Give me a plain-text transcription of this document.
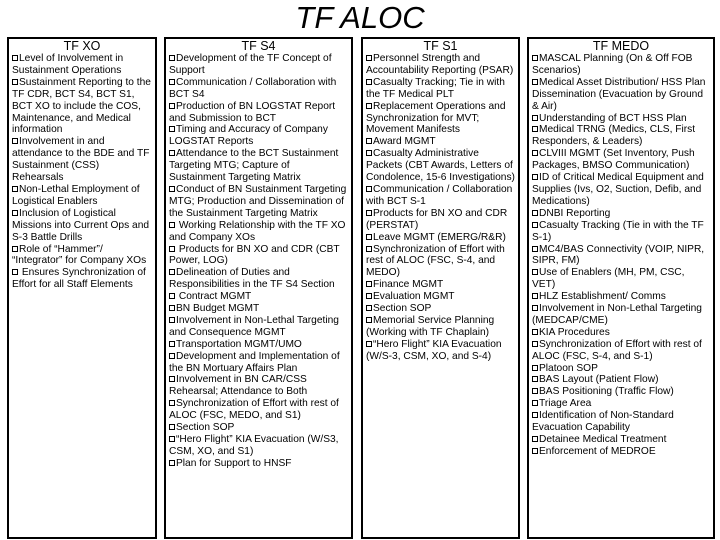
TF ALOC
TF XO
Level of Involvement in Sustainment Operations
Sustainment Reporting to the TF CDR, BCT S4, BCT S1, BCT XO to include the COS, Maintenance, and Medical information
Involvement in and attendance to the BDE and TF Sustainment (CSS) Rehearsals
Non-Lethal Employment of Logistical Enablers
Inclusion of Logistical Missions into Current Ops and S-3 Battle Drills
Role of “Hammer”/ “Integrator” for Company XOs
Ensures Synchronization of Effort for all Staff Elements
TF S4
Development of the TF Concept of Support
Communication / Collaboration with BCT S4
Production of BN LOGSTAT Report and Submission to BCT
Timing and Accuracy of Company LOGSTAT Reports
Attendance to the BCT Sustainment Targeting MTG; Capture of Sustainment Targeting Matrix
Conduct of BN Sustainment Targeting MTG; Production and Dissemination of the Sustainment Targeting Matrix
Working Relationship with the TF XO and Company XOs
Products for BN XO and CDR (CBT Power, LOG)
Delineation of Duties and Responsibilities in the TF S4 Section
Contract MGMT
BN Budget MGMT
Involvement in Non-Lethal Targeting and Consequence MGMT
Transportation MGMT/UMO
Development and Implementation of the BN Mortuary Affairs Plan
Involvement in BN CAR/CSS Rehearsal; Attendance to Both
Synchronization of Effort with rest of ALOC (FSC, MEDO, and S1)
Section SOP
“Hero Flight” KIA Evacuation (W/S3, CSM, XO, and S1)
Plan for Support to HNSF
TF S1
Personnel Strength and Accountability Reporting (PSAR)
Casualty Tracking; Tie in with the TF Medical PLT
Replacement Operations and Synchronization for MVT; Movement Manifests
Award MGMT
Casualty Administrative Packets (CBT Awards, Letters of Condolence, 15-6 Investigations)
Communication / Collaboration with BCT S-1
Products for BN XO and CDR (PERSTAT)
Leave MGMT (EMERG/R&R)
Synchronization of Effort with rest of ALOC (FSC, S-4, and MEDO)
Finance MGMT
Evaluation MGMT
Section SOP
Memorial Service Planning (Working with TF Chaplain)
“Hero Flight” KIA Evacuation (W/S-3, CSM, XO, and S-4)
TF MEDO
MASCAL Planning (On & Off FOB Scenarios)
Medical Asset Distribution/ HSS Plan Dissemination (Evacuation by Ground & Air)
Understanding of BCT HSS Plan
Medical TRNG (Medics, CLS, First Responders, & Leaders)
CLVIII MGMT (Set Inventory, Push Packages, BMSO Communication)
ID of Critical Medical Equipment and Supplies (Ivs, O2, Suction, Defib, and Medications)
DNBI Reporting
Casualty Tracking (Tie in with the TF S-1)
MC4/BAS Connectivity (VOIP, NIPR, SIPR, FM)
Use of Enablers (MH, PM, CSC, VET)
HLZ Establishment/ Comms
Involvement in Non-Lethal Targeting (MEDCAP/CME)
KIA Procedures
Synchronization of Effort with rest of ALOC (FSC, S-4, and S-1)
Platoon SOP
BAS Layout (Patient Flow)
BAS Positioning (Traffic Flow)
Triage Area
Identification of Non-Standard Evacuation Capability
Detainee Medical Treatment
Enforcement of MEDROE
